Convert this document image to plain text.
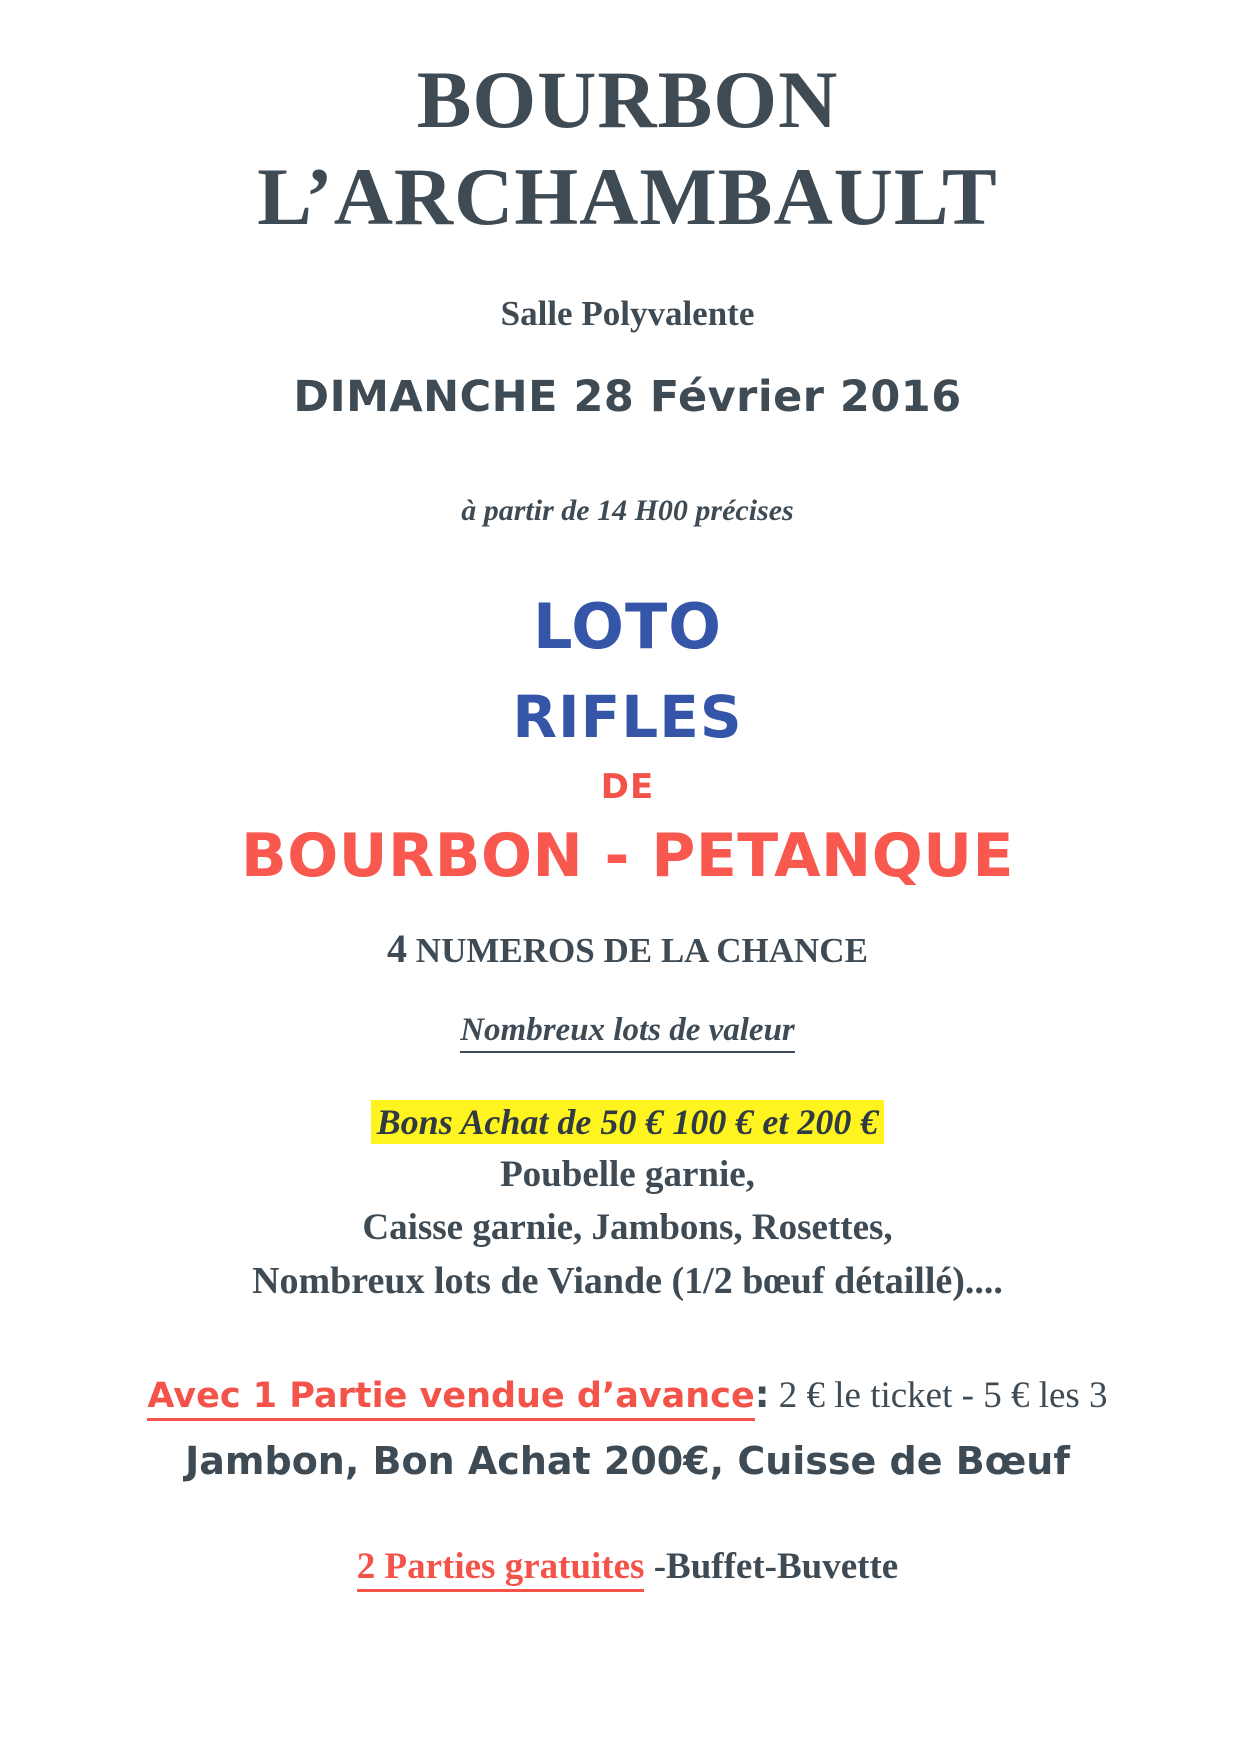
BOURBON
L’ARCHAMBAULT
Salle Polyvalente
DIMANCHE 28 Février 2016
à partir de 14 H00 précises
LOTO
RIFLES
DE
BOURBON - PETANQUE
4 NUMEROS DE LA CHANCE
Nombreux lots de valeur
Bons Achat de 50 € 100 € et 200 €
Poubelle garnie,
Caisse garnie, Jambons, Rosettes,
Nombreux lots de Viande (1/2 bœuf détaillé)....
Avec 1 Partie vendue d’avance: 2 € le ticket - 5 € les 3
Jambon, Bon Achat 200€, Cuisse de Bœuf
2 Parties gratuites -Buffet-Buvette
